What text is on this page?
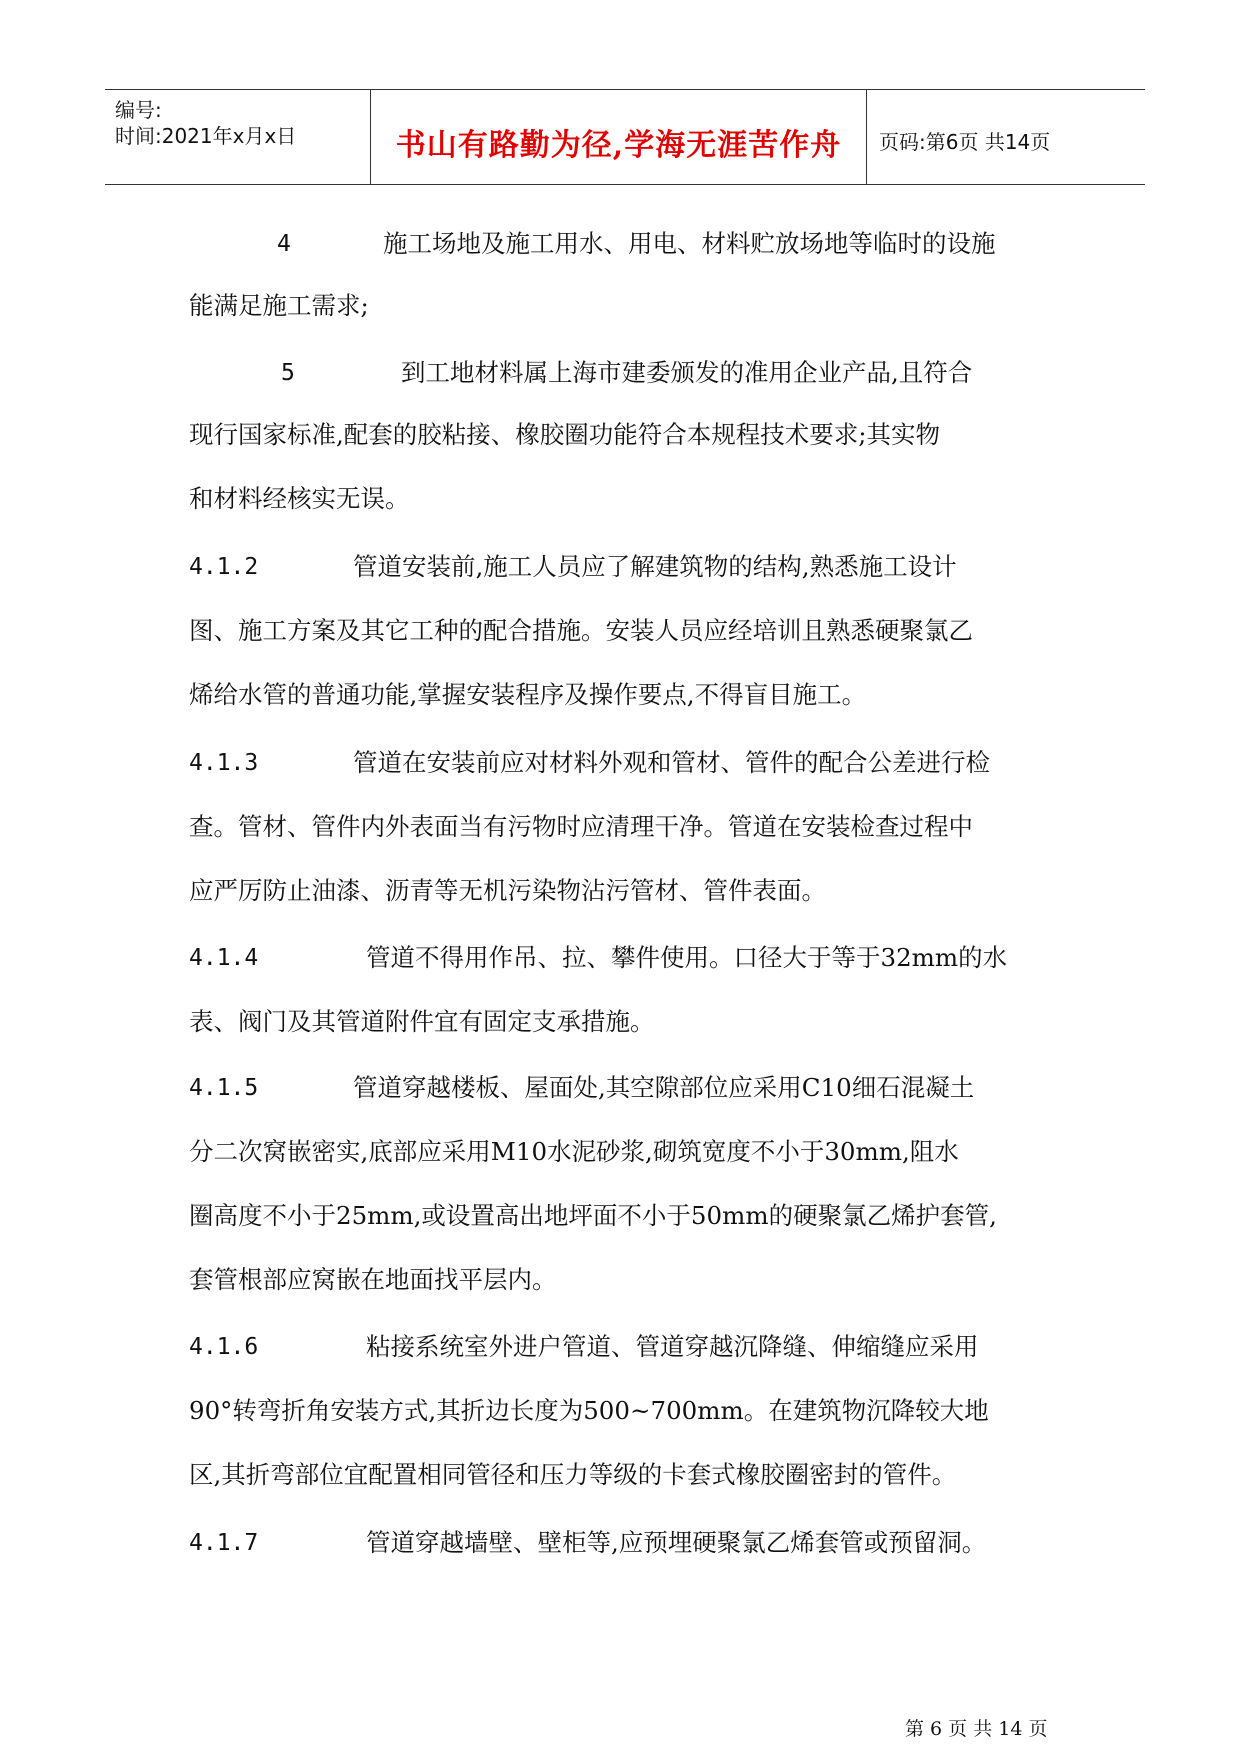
编号:
时间:2021年x月x日	书山有路勤为径,学海无涯苦作舟	页码:第6页 共14页
4	施工场地及施工用水、用电、材料贮放场地等临时的设施
能满足施工需求;
5	到工地材料属上海市建委颁发的准用企业产品,且符合
现行国家标准,配套的胶粘接、橡胶圈功能符合本规程技术要求;其实物
和材料经核实无误。
4.1.2	管道安装前,施工人员应了解建筑物的结构,熟悉施工设计
图、施工方案及其它工种的配合措施。安装人员应经培训且熟悉硬聚氯乙
烯给水管的普通功能,掌握安装程序及操作要点,不得盲目施工。
4.1.3	管道在安装前应对材料外观和管材、管件的配合公差进行检
查。管材、管件内外表面当有污物时应清理干净。管道在安装检查过程中
应严厉防止油漆、沥青等无机污染物沾污管材、管件表面。
4.1.4	管道不得用作吊、拉、攀件使用。口径大于等于32mm的水
表、阀门及其管道附件宜有固定支承措施。
4.1.5	管道穿越楼板、屋面处,其空隙部位应采用C10细石混凝土
分二次窝嵌密实,底部应采用M10水泥砂浆,砌筑宽度不小于30mm,阻水
圈高度不小于25mm,或设置高出地坪面不小于50mm的硬聚氯乙烯护套管,
套管根部应窝嵌在地面找平层内。
4.1.6	粘接系统室外进户管道、管道穿越沉降缝、伸缩缝应采用
90°转弯折角安装方式,其折边长度为500~700mm。在建筑物沉降较大地
区,其折弯部位宜配置相同管径和压力等级的卡套式橡胶圈密封的管件。
4.1.7	管道穿越墙壁、壁柜等,应预埋硬聚氯乙烯套管或预留洞。
第 6 页 共 14 页
